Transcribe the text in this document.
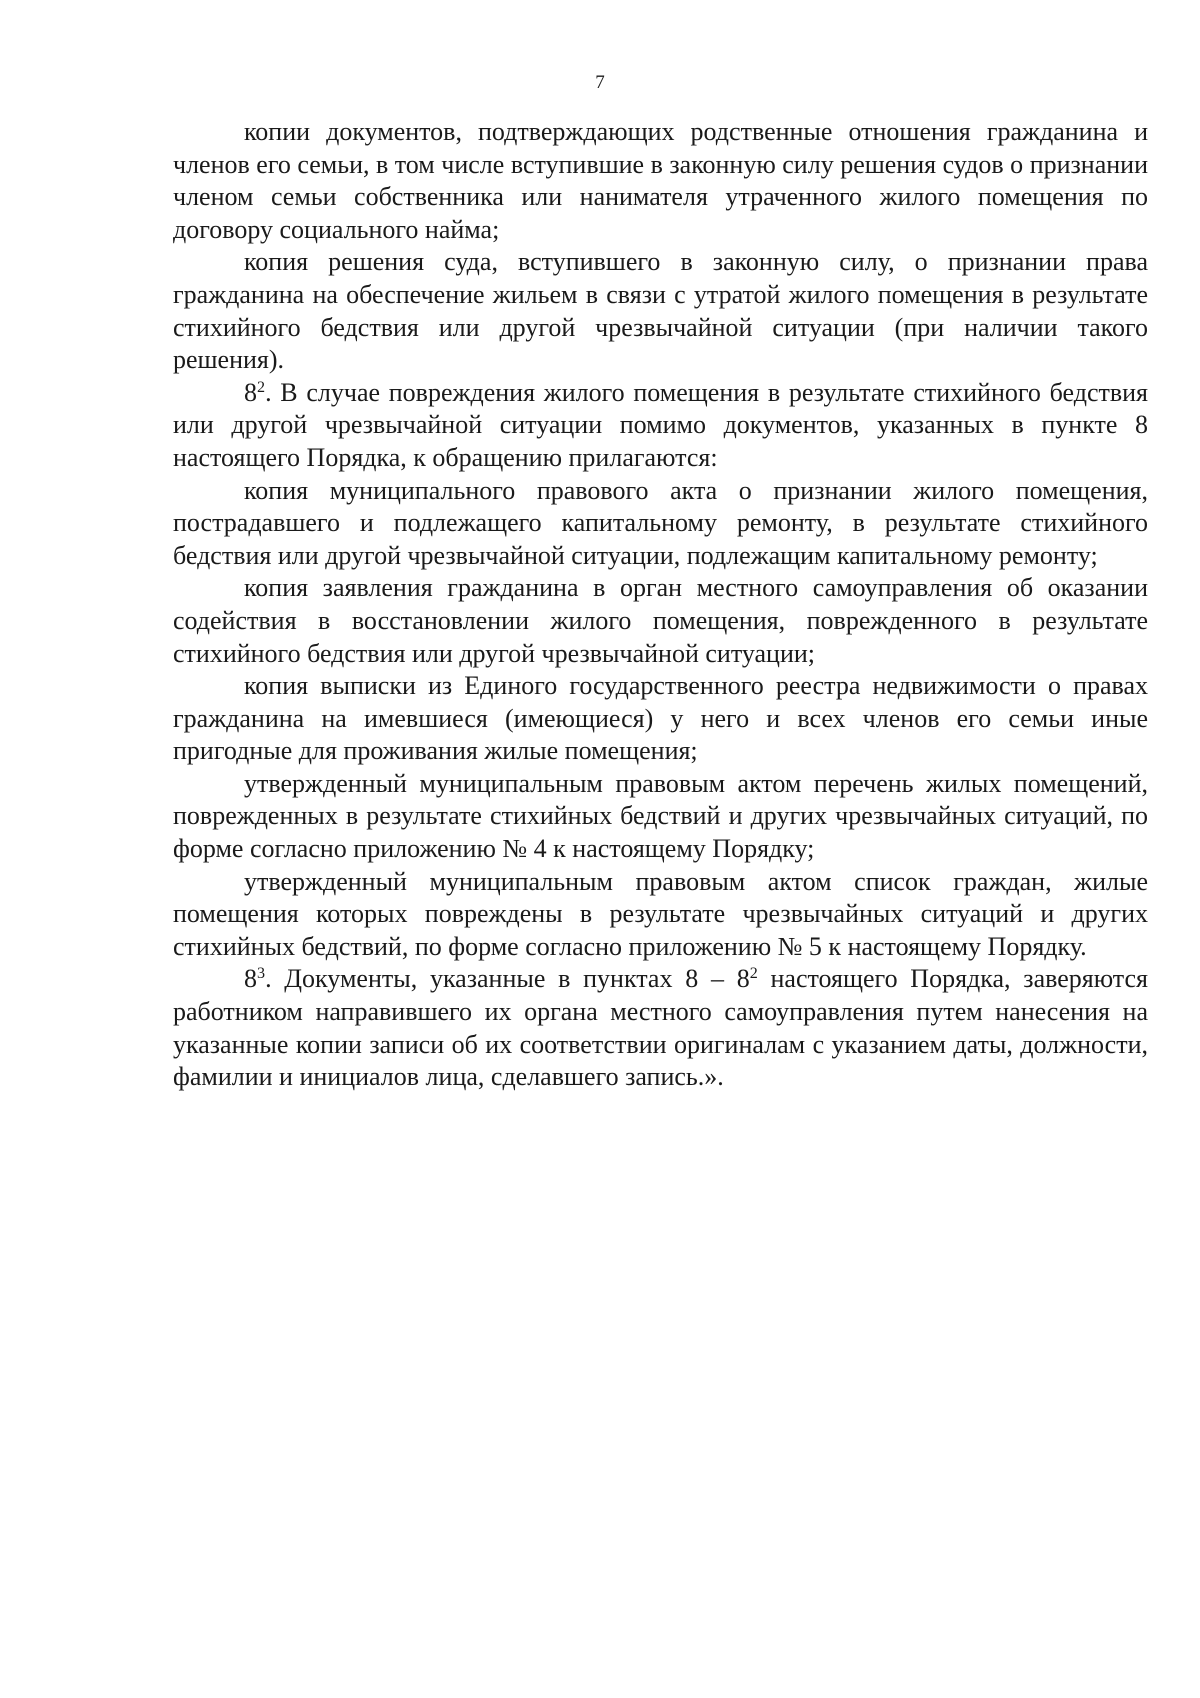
7

копии документов, подтверждающих родственные отношения гражданина и членов его семьи, в том числе вступившие в законную силу решения судов о признании членом семьи собственника или нанимателя утраченного жилого помещения по договору социального найма;

копия решения суда, вступившего в законную силу, о признании права гражданина на обеспечение жильем в связи с утратой жилого помещения в результате стихийного бедствия или другой чрезвычайной ситуации (при наличии такого решения).

$8^2$. В случае повреждения жилого помещения в результате стихийного бедствия или другой чрезвычайной ситуации помимо документов, указанных в пункте 8 настоящего Порядка, к обращению прилагаются:

копия муниципального правового акта о признании жилого помещения, пострадавшего и подлежащего капитальному ремонту, в результате стихийного бедствия или другой чрезвычайной ситуации, подлежащим капитальному ремонту;

копия заявления гражданина в орган местного самоуправления об оказании содействия в восстановлении жилого помещения, поврежденного в результате стихийного бедствия или другой чрезвычайной ситуации;

копия выписки из Единого государственного реестра недвижимости о правах гражданина на имевшиеся (имеющиеся) у него и всех членов его семьи иные пригодные для проживания жилые помещения;

утвержденный муниципальным правовым актом перечень жилых помещений, поврежденных в результате стихийных бедствий и других чрезвычайных ситуаций, по форме согласно приложению № 4 к настоящему Порядку;

утвержденный муниципальным правовым актом список граждан, жилые помещения которых повреждены в результате чрезвычайных ситуаций и других стихийных бедствий, по форме согласно приложению № 5 к настоящему Порядку.

$8^3$. Документы, указанные в пунктах $8 - 8^2$ настоящего Порядка, заверяются работником направившего их органа местного самоуправления путем нанесения на указанные копии записи об их соответствии оригиналам с указанием даты, должности, фамилии и инициалов лица, сделавшего запись.».
